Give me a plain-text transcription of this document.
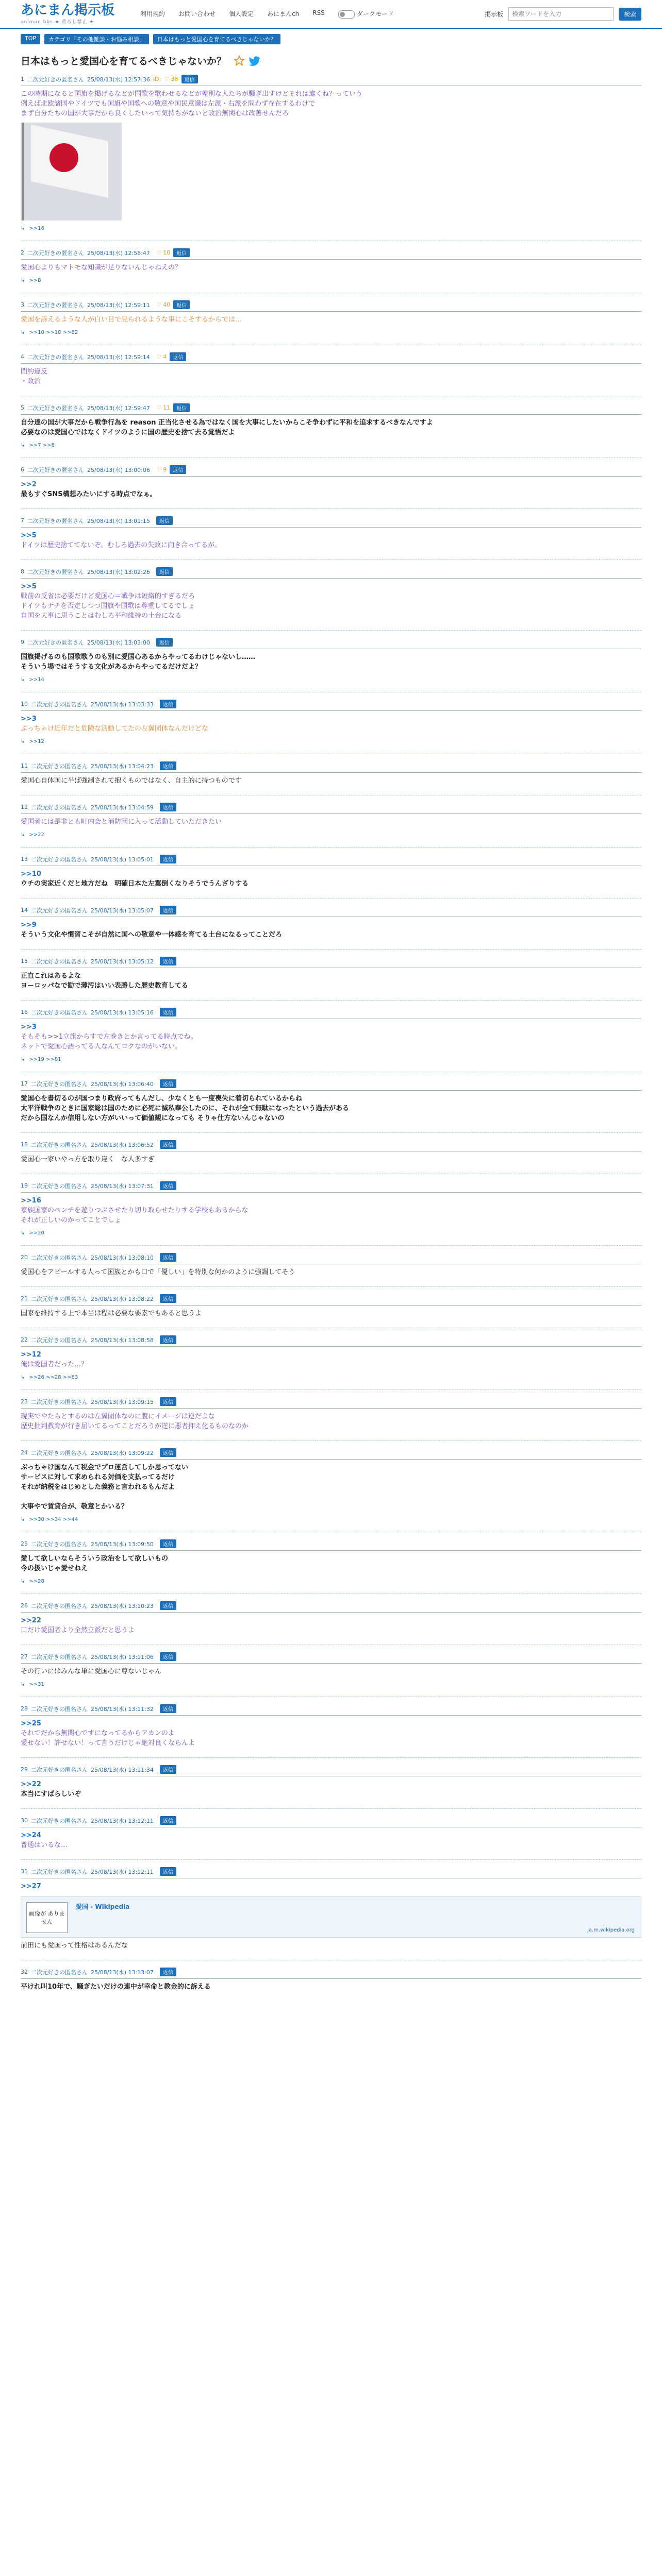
あにまん掲示板
animan bbs ★ 荒らし禁止 ★
利用規約 お問い合わせ 個人設定 あにまんch RSS	ダークモード	掲示板
検索ワードを入力	検索
TOP	カテゴリ「その他雑談・お悩み相談」	日本はもっと愛国心を育てるべきじゃないか？
日本はもっと愛国心を育てるべきじゃないか？
1 二次元好きの匿名さん 25/08/13(水) 12:57:36 ID: ♡ 38	返信
この時期になると国旗を掲げるなどが国歌を歌わせるなどが差別な人たちが騒ぎ出すけどそれは違くね？っていう
例えば北欧諸国やドイツでも国旗や国歌への敬意や国民意識は左派・右派を問わず存在するわけで
まず自分たちの国が大事だから良くしたいって気持ちがないと政治無関心は改善せんだろ
↳ >>16
2 二次元好きの匿名さん 25/08/13(水) 12:58:47 ♡ 10	返信
愛国心よりもマトモな知識が足りないんじゃねえの？
↳ >>8
3 二次元好きの匿名さん 25/08/13(水) 12:59:11 ♡ 40	返信
愛国を訴えるような人が白い目で見られるような事にこそするからでは…
↳ >>10 >>18 >>82
4 二次元好きの匿名さん 25/08/13(水) 12:59:14 ♡ 4	返信
間約違反
・政治
5 二次元好きの匿名さん 25/08/13(水) 12:59:47 ♡ 11	返信
自分達の国が大事だから戦争行為を reason 正当化させる為ではなく国を大事にしたいからこそ争わずに平和を追求するべきなんですよ
必要なのは愛国心ではなくドイツのように国の歴史を捨て去る覚悟だよ
↳ >>7 >>8
6 二次元好きの匿名さん 25/08/13(水) 13:00:06 ♡ 9	返信
>>2
最もすぐSNS構想みたいにする時点でなぁ。
7 二次元好きの匿名さん 25/08/13(水) 13:01:15	返信
>>5
ドイツは歴史捨ててないぞ。むしろ過去の失敗に向き合ってるが。
8 二次元好きの匿名さん 25/08/13(水) 13:02:26	返信
>>5
戦前の反省は必要だけど愛国心＝戦争は短絡的すぎるだろ
ドイツもナチを否定しつつ国旗や国歌は尊重してるでしょ
自国を大事に思うことはむしろ平和維持の土台になる
9 二次元好きの匿名さん 25/08/13(水) 13:03:00	返信
国旗掲げるのも国歌歌うのも別に愛国心あるからやってるわけじゃないし……
そういう場ではそうする文化があるからやってるだけだよ？
↳ >>14
10 二次元好きの匿名さん 25/08/13(水) 13:03:33	返信
>>3
ぶっちゃけ近年だと危険な活動してたの左翼団体なんだけどな
↳ >>12
11 二次元好きの匿名さん 25/08/13(水) 13:04:23	返信
愛国心自体国に半ば強制されて抱くものではなく、自主的に持つものです
12 二次元好きの匿名さん 25/08/13(水) 13:04:59	返信
愛国者には是非とも町内会と消防団に入って活動していただきたい
↳ >>22
13 二次元好きの匿名さん 25/08/13(水) 13:05:01	返信
>>10
ウチの実家近くだと地方だね　明確日本た左翼倒くなりそうでうんざりする
14 二次元好きの匿名さん 25/08/13(水) 13:05:07	返信
>>9
そういう文化や慣習こそが自然に国への敬意や一体感を育てる土台になるってことだろ
15 二次元好きの匿名さん 25/08/13(水) 13:05:12	返信
正直これはあるよな
ヨーロッパなで勧で薄汚はいい表勝した歴史教育してる
16 二次元好きの匿名さん 25/08/13(水) 13:05:16	返信
>>3
そもそも>>1立旗からすで左巻きとか言ってる時点でね。
ネットで愛国心語ってる人なんてロクなのがいない。
↳ >>19 >>81
17 二次元好きの匿名さん 25/08/13(水) 13:06:40	返信
愛国心を書切るのが国つまり政府ってもんだし、少なくとも一度喪失に着切られているからね
太平洋戦争のときに国家総は国のために必死に滅私奉公したのに、それが全て無駄になったという過去がある
だから国なんか信用しない方がいいって価値観になっても そりゃ仕方ないんじゃないの
18 二次元好きの匿名さん 25/08/13(水) 13:06:52	返信
愛国心一家いやっ方を取り違く　な人多すぎ
19 二次元好きの匿名さん 25/08/13(水) 13:07:31	返信
>>16
家族国家のペンチを遊りつぶさせたり切り取らせたりする学校もあるからな
それが正しいのかってことでしょ
↳ >>20
20 二次元好きの匿名さん 25/08/13(水) 13:08:10	返信
愛国心をアピールする人って国族とかも口で「優しい」を特別な何かのように強調してそう
21 二次元好きの匿名さん 25/08/13(水) 13:08:22	返信
国家を維持する上で本当は程は必要な要素でもあると思うよ
22 二次元好きの匿名さん 25/08/13(水) 13:08:58	返信
>>12
俺は愛国者だった…？
↳ >>26 >>28 >>83
23 二次元好きの匿名さん 25/08/13(水) 13:09:15	返信
現実でやたらとするのは左翼団体なのに腹にイメージは逆だよな
歴史批判教育が行き届いてるってことだろうが逆に悪者押え化るものなのか
24 二次元好きの匿名さん 25/08/13(水) 13:09:22	返信
ぶっちゃけ国なんて税金でプロ運営してしか思ってない
サービスに対して求められる対価を支払ってるだけ
それが納税をはじめとした義務と言われるもんだよ

大事やで賃貸合が、敬意とかいる？
↳ >>30 >>34 >>44
25 二次元好きの匿名さん 25/08/13(水) 13:09:50	返信
愛して欲しいならそういう政治をして欲しいもの
今の扱いじゃ愛せねえ
↳ >>28
26 二次元好きの匿名さん 25/08/13(水) 13:10:23	返信
>>22
口だけ愛国者より全然立派だと思うよ
27 二次元好きの匿名さん 25/08/13(水) 13:11:06	返信
その行いにはみんな単に愛国心に尊ないじゃん
↳ >>31
28 二次元好きの匿名さん 25/08/13(水) 13:11:32	返信
>>25
それでだから無関心ですになってるからアカンのよ
愛せない！許せない！って言うだけじゃ絶対良くならんよ
29 二次元好きの匿名さん 25/08/13(水) 13:11:34	返信
>>22
本当にすばらしいぞ
30 二次元好きの匿名さん 25/08/13(水) 13:12:11	返信
>>24
普通はいるな…
31 二次元好きの匿名さん 25/08/13(水) 13:12:11	返信
>>27
画像が ありません
愛国 - Wikipedia
ja.m.wikipedia.org
前田にも愛国って性格はあるんだな
32 二次元好きの匿名さん 25/08/13(水) 13:13:07	返信
平けれ叫10年で、騒ぎたいだけの連中が幸命と教金的に訴える
